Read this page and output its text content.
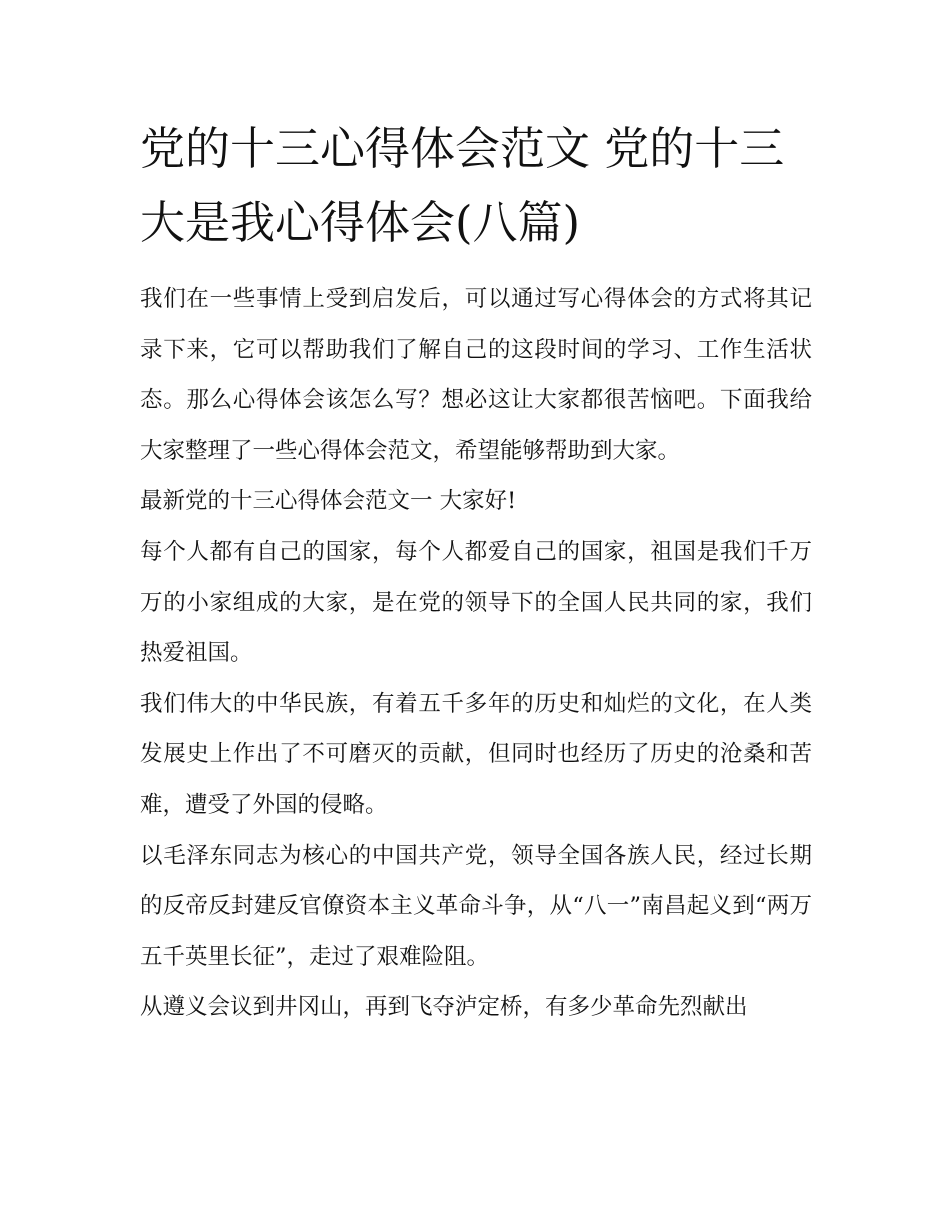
党的十三心得体会范文 党的十三大是我心得体会(八篇)

我们在一些事情上受到启发后，可以通过写心得体会的方式将其记录下来，它可以帮助我们了解自己的这段时间的学习、工作生活状态。那么心得体会该怎么写？想必这让大家都很苦恼吧。下面我给大家整理了一些心得体会范文，希望能够帮助到大家。

最新党的十三心得体会范文一 大家好!

每个人都有自己的国家，每个人都爱自己的国家，祖国是我们千万万的小家组成的大家，是在党的领导下的全国人民共同的家，我们热爱祖国。

我们伟大的中华民族，有着五千多年的历史和灿烂的文化，在人类发展史上作出了不可磨灭的贡献，但同时也经历了历史的沧桑和苦难，遭受了外国的侵略。

以毛泽东同志为核心的中国共产党，领导全国各族人民，经过长期的反帝反封建反官僚资本主义革命斗争，从“八一”南昌起义到“两万五千英里长征”，走过了艰难险阻。

从遵义会议到井冈山，再到飞夺泸定桥，有多少革命先烈献出
